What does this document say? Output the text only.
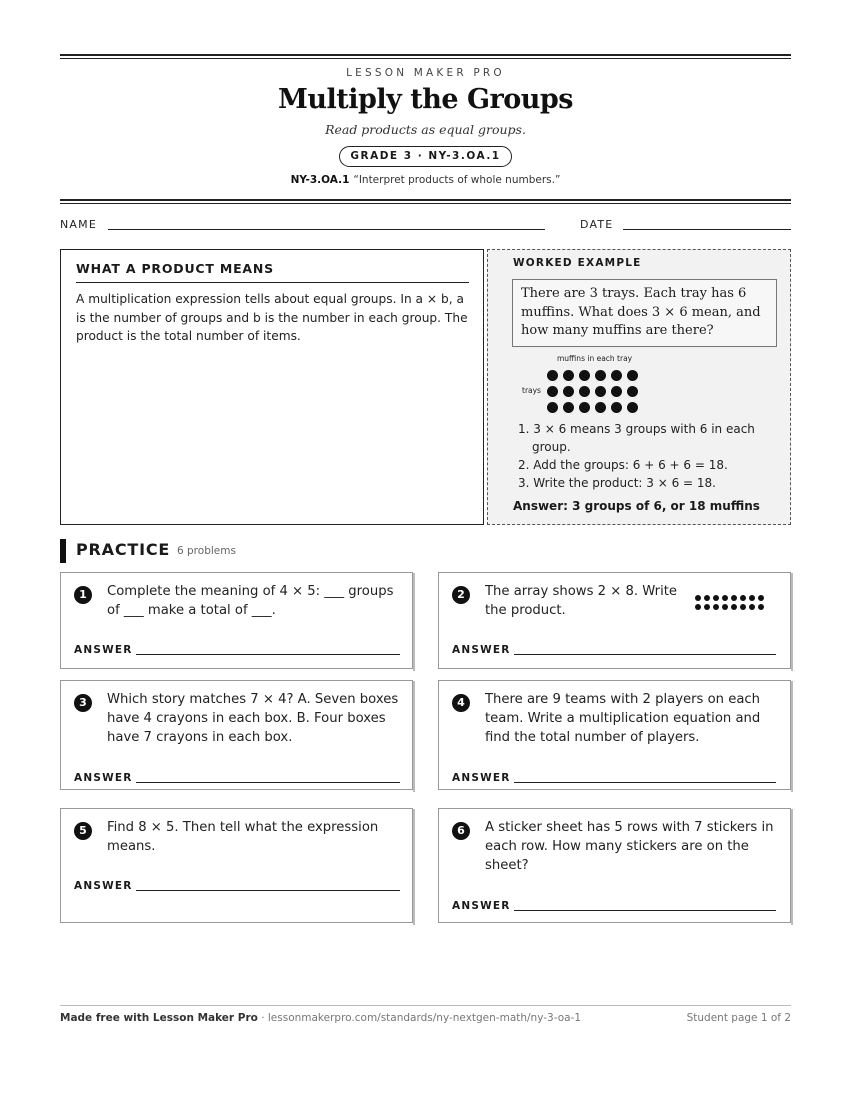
LESSON MAKER PRO
Multiply the Groups
Read products as equal groups.
GRADE 3 · NY-3.OA.1
NY-3.OA.1 “Interpret products of whole numbers.”
NAME	DATE
WHAT A PRODUCT MEANS
A multiplication expression tells about equal groups. In a × b, a is the number of groups and b is the number in each group. The product is the total number of items.
WORKED EXAMPLE
There are 3 trays. Each tray has 6 muffins. What does 3 × 6 mean, and how many muffins are there?
muffins in each tray
trays
1. 3 × 6 means 3 groups with 6 in each group.
2. Add the groups: 6 + 6 + 6 = 18.
3. Write the product: 3 × 6 = 18.
Answer: 3 groups of 6, or 18 muffins
PRACTICE 6 problems
1	Complete the meaning of 4 × 5: ___ groups of ___ make a total of ___.
ANSWER
2	The array shows 2 × 8. Write the product.
ANSWER
3	Which story matches 7 × 4? A. Seven boxes have 4 crayons in each box. B. Four boxes have 7 crayons in each box.
ANSWER
4	There are 9 teams with 2 players on each team. Write a multiplication equation and find the total number of players.
ANSWER
5	Find 8 × 5. Then tell what the expression means.
ANSWER
6	A sticker sheet has 5 rows with 7 stickers in each row. How many stickers are on the sheet?
ANSWER
Made free with Lesson Maker Pro · lessonmakerpro.com/standards/ny-nextgen-math/ny-3-oa-1	Student page 1 of 2
